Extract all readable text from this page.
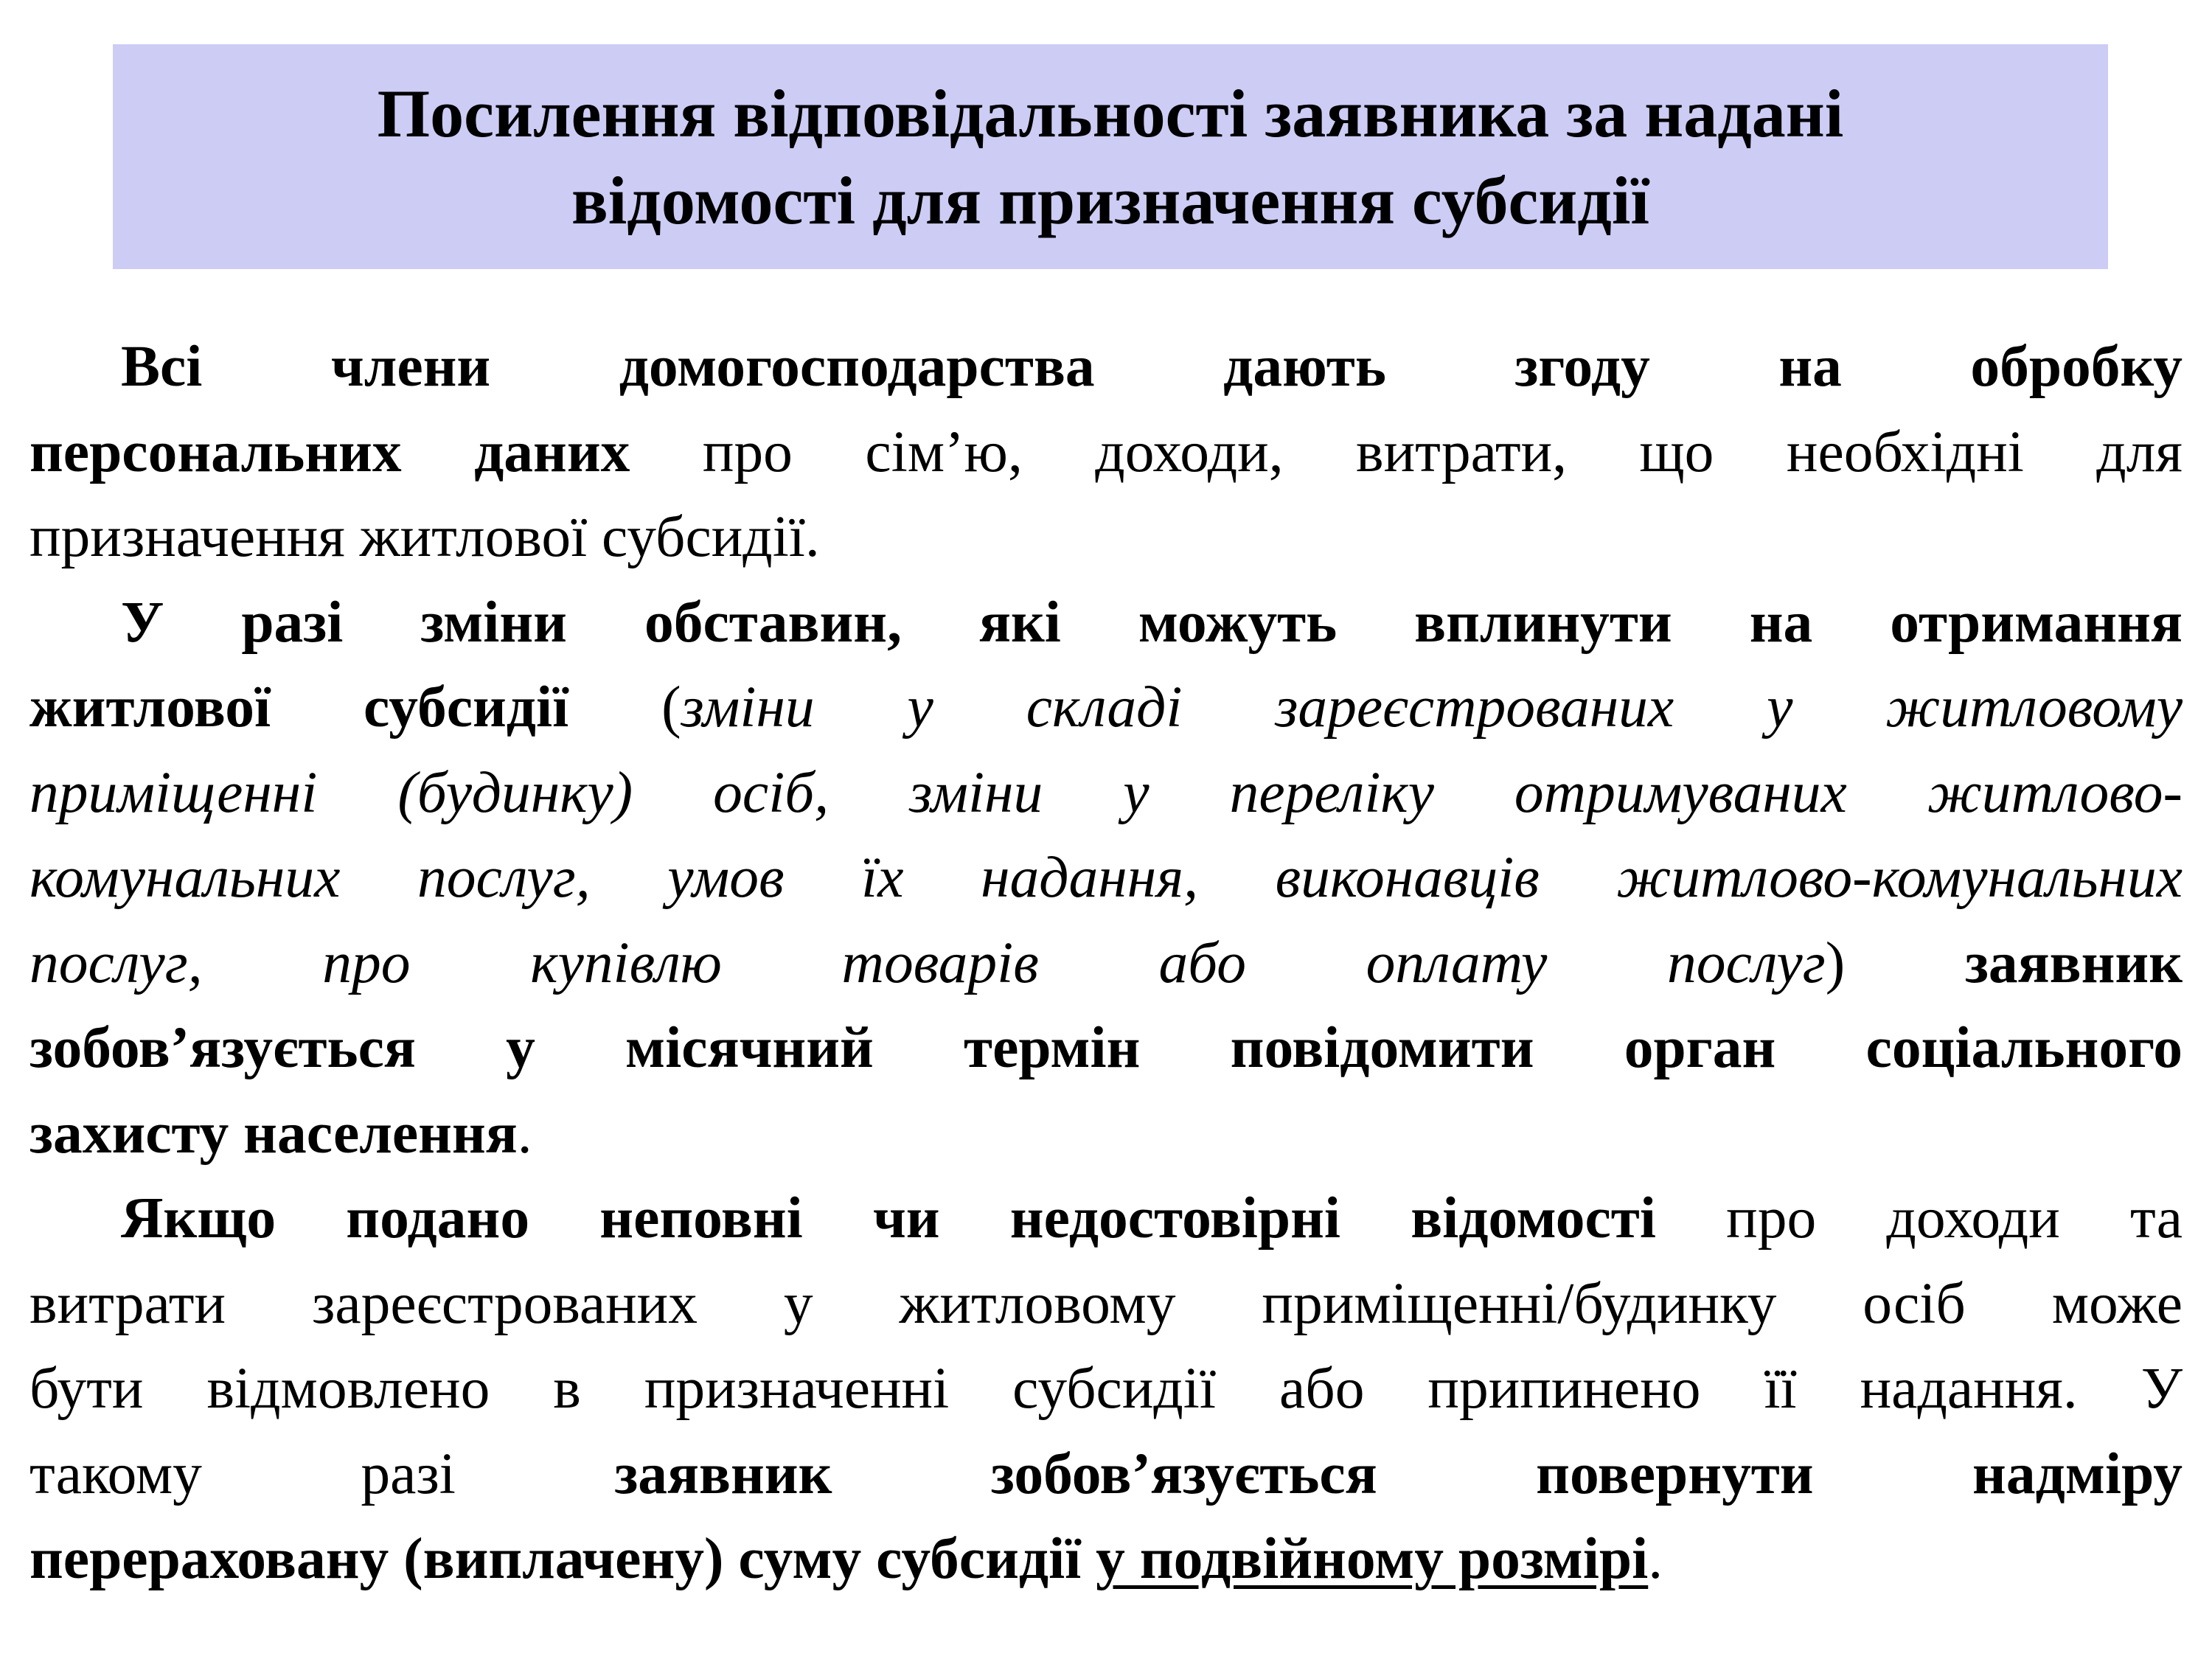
Посилення відповідальності заявника за надані
відомості для призначення субсидії
Всі члени домогосподарства дають згоду на обробку
персональних даних про сім’ю, доходи, витрати, що необхідні для
призначення житлової субсидії.
У разі зміни обставин, які можуть вплинути на отримання
житлової субсидії (зміни у складі зареєстрованих у житловому
приміщенні (будинку) осіб, зміни у переліку отримуваних житлово-
комунальних послуг, умов їх надання, виконавців житлово-комунальних
послуг, про купівлю товарів або оплату послуг) заявник
зобов’язується у місячний термін повідомити орган соціального
захисту населення.
Якщо подано неповні чи недостовірні відомості про доходи та
витрати зареєстрованих у житловому приміщенні/будинку осіб може
бути відмовлено в призначенні субсидії або припинено її надання. У
такому разі заявник зобов’язується повернути надміру
перераховану (виплачену) суму субсидії у подвійному розмірі.
